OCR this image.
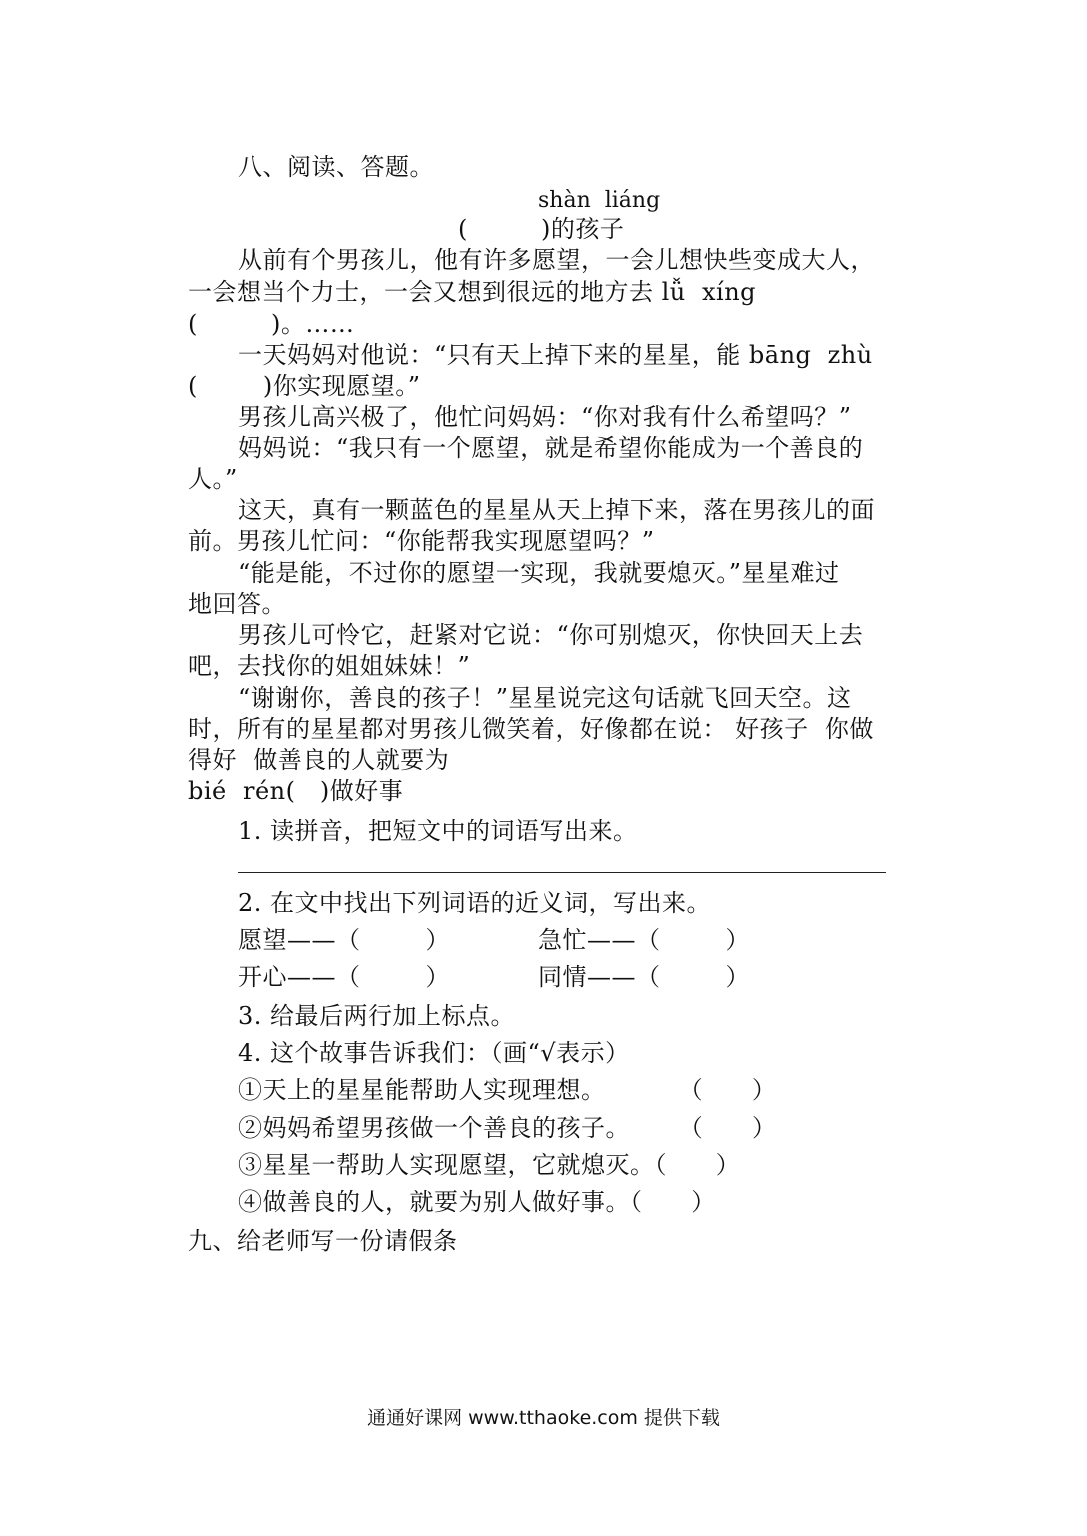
八、阅读、答题。
shàn  liáng
(         )的孩子
从前有个男孩儿，他有许多愿望，一会儿想快些变成大人，
一会想当个力士，一会又想到很远的地方去 lǚ  xíng
(         )。……
一天妈妈对他说：“只有天上掉下来的星星，能 bāng  zhù
(        )你实现愿望。”
男孩儿高兴极了，他忙问妈妈：“你对我有什么希望吗？”
妈妈说：“我只有一个愿望，就是希望你能成为一个善良的
人。”
这天，真有一颗蓝色的星星从天上掉下来，落在男孩儿的面
前。男孩儿忙问：“你能帮我实现愿望吗？”
“能是能，不过你的愿望一实现，我就要熄灭。”星星难过
地回答。
男孩儿可怜它，赶紧对它说：“你可别熄灭，你快回天上去
吧，去找你的姐姐妹妹！”
“谢谢你，善良的孩子！”星星说完这句话就飞回天空。这
时，所有的星星都对男孩儿微笑着，好像都在说： 好孩子  你做
得好  做善良的人就要为
bié  rén(   )做好事
1. 读拼音，把短文中的词语写出来。
2. 在文中找出下列词语的近义词，写出来。
愿望——（        ）	急忙——（        ）
开心——（        ）	同情——（        ）
3. 给最后两行加上标点。
4. 这个故事告诉我们：（画“√表示）
①天上的星星能帮助人实现理想。         （      ）
②妈妈希望男孩做一个善良的孩子。      （      ）
③星星一帮助人实现愿望，它就熄灭。（      ）
④做善良的人，就要为别人做好事。（      ）
九、给老师写一份请假条
通通好课网 www.tthaoke.com 提供下载
